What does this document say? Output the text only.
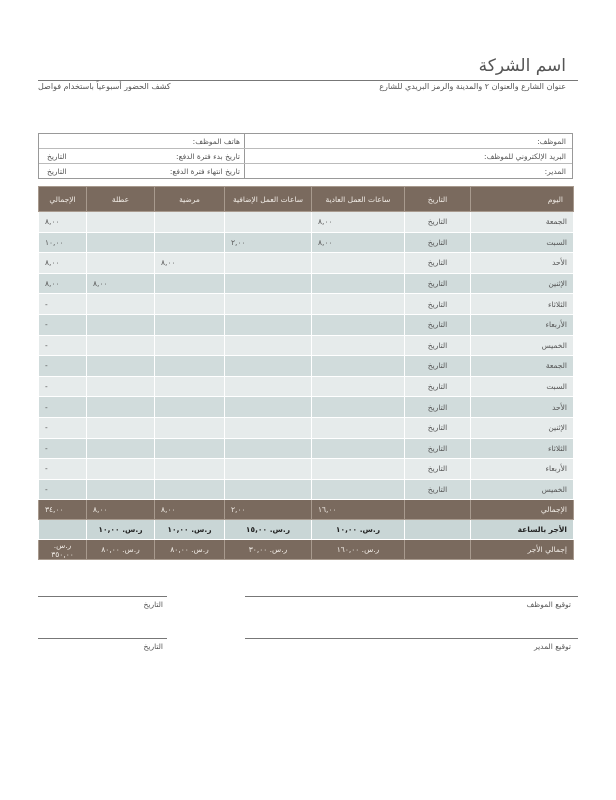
اسم الشركة
عنوان الشارع والعنوان ٢ والمدينة والرمز البريدي للشارع
كشف الحضور أسبوعياً باستخدام فواصل
الموظف:
هاتف الموظف:
البريد الإلكتروني للموظف:
تاريخ بدء فترة الدفع:
التاريخ
المدير:
تاريخ انتهاء فترة الدفع:
التاريخ
اليوم	التاريخ	ساعات العمل العادية	ساعات العمل الإضافية	مرضية	عطلة	الإجمالي
الجمعة	التاريخ	٨,٠٠				٨,٠٠
السبت	التاريخ	٨,٠٠	٢,٠٠			١٠,٠٠
الأحد	التاريخ			٨,٠٠		٨,٠٠
الإثنين	التاريخ				٨,٠٠	٨,٠٠
الثلاثاء	التاريخ					-
الأربعاء	التاريخ					-
الخميس	التاريخ					-
الجمعة	التاريخ					-
السبت	التاريخ					-
الأحد	التاريخ					-
الإثنين	التاريخ					-
الثلاثاء	التاريخ					-
الأربعاء	التاريخ					-
الخميس	التاريخ					-
الإجمالي		١٦,٠٠	٢,٠٠	٨,٠٠	٨,٠٠	٣٤,٠٠
الأجر بالساعة		ر.س. ١٠,٠٠	ر.س. ١٥,٠٠	ر.س. ١٠,٠٠	ر.س. ١٠,٠٠	
إجمالي الأجر		ر.س. ١٦٠,٠٠	ر.س. ٣٠,٠٠	ر.س. ٨٠,٠٠	ر.س. ٨٠,٠٠	ر.س. ٣٥٠,٠٠
توقيع الموظف
التاريخ
توقيع المدير
التاريخ
